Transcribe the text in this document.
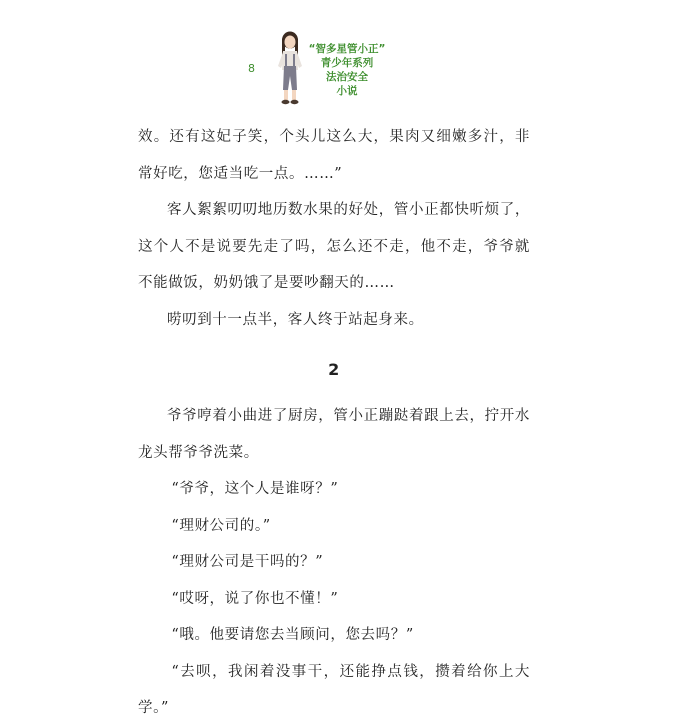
8
“智多星管小正”
青少年系列
法治安全
小说

效。还有这妃子笑，个头儿这么大，果肉又细嫩多汁，非常好吃，您适当吃一点。……”

客人絮絮叨叨地历数水果的好处，管小正都快听烦了，这个人不是说要先走了吗，怎么还不走，他不走，爷爷就不能做饭，奶奶饿了是要吵翻天的……

唠叨到十一点半，客人终于站起身来。

2

爷爷哼着小曲进了厨房，管小正蹦跶着跟上去，拧开水龙头帮爷爷洗菜。

“爷爷，这个人是谁呀？”

“理财公司的。”

“理财公司是干吗的？”

“哎呀，说了你也不懂！”

“哦。他要请您去当顾问，您去吗？”

“去呗，我闲着没事干，还能挣点钱，攒着给你上大学。”
